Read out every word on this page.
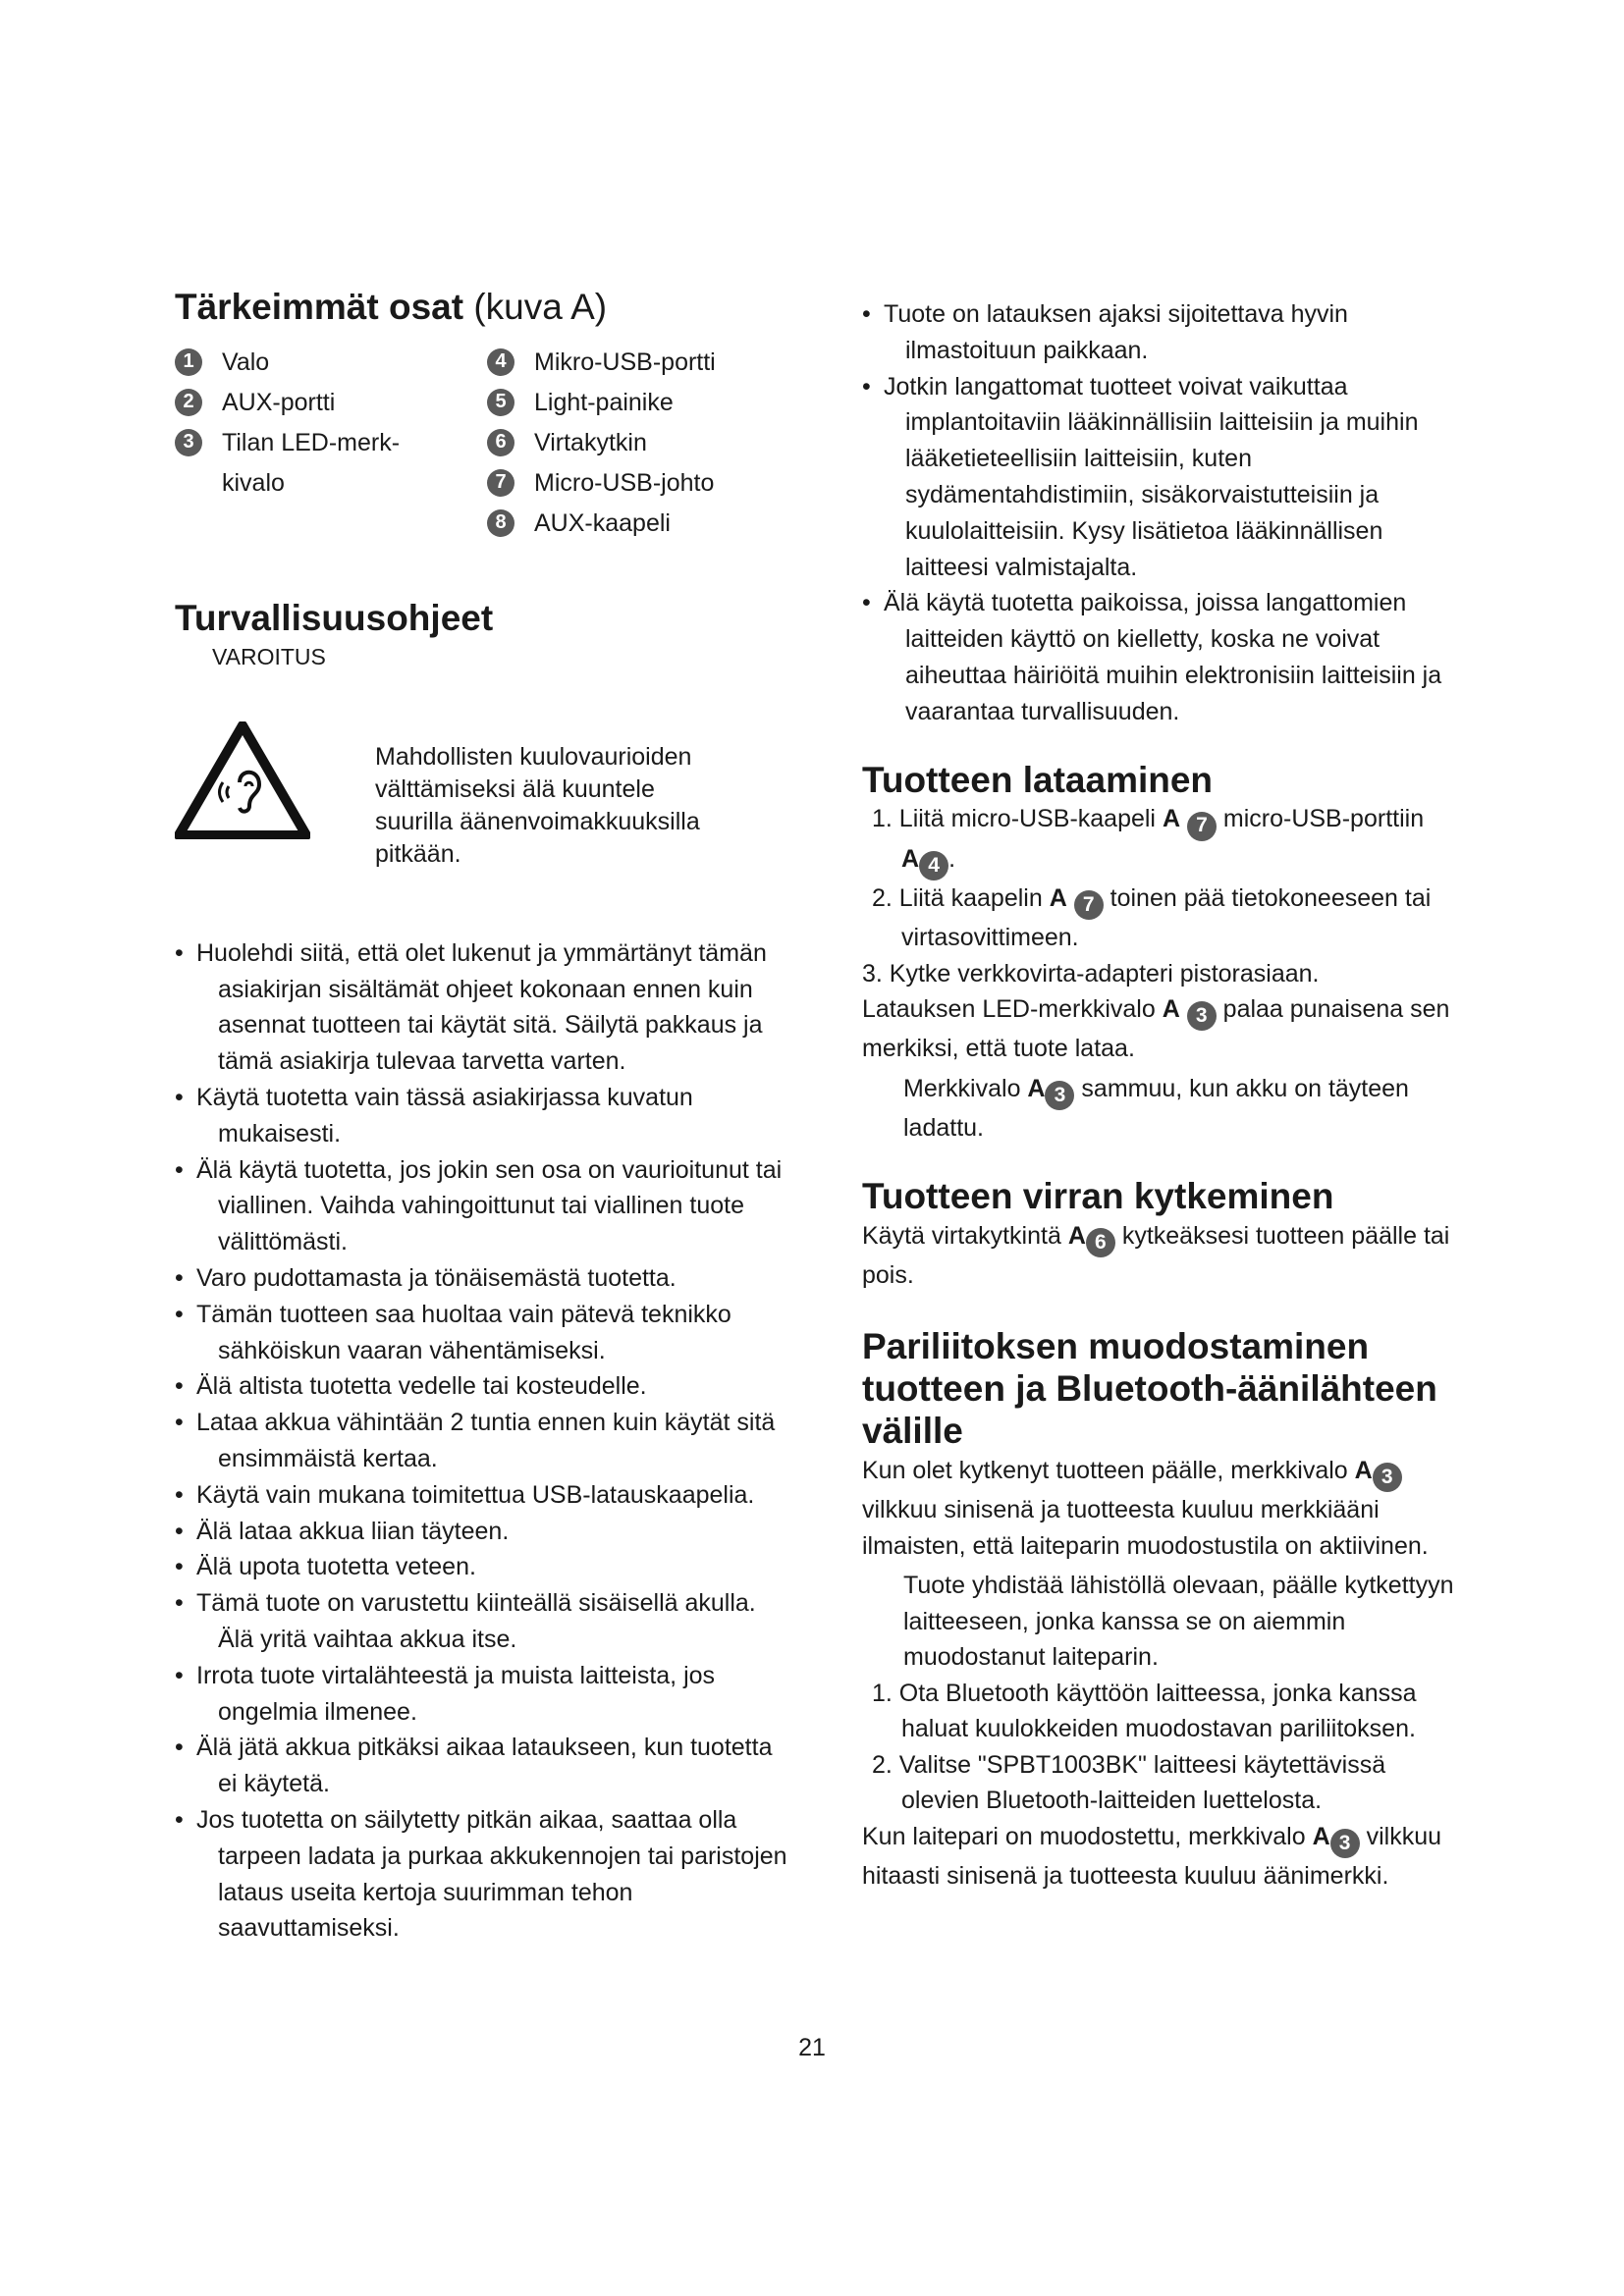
Tärkeimmät osat (kuva A)
1	Valo
2	AUX-portti
3	Tilan LED-merk-
kivalo
4	Mikro-USB-portti
5	Light-painike
6	Virtakytkin
7	Micro-USB-johto
8	AUX-kaapeli
Turvallisuusohjeet
VAROITUS
Mahdollisten kuulovaurioiden välttämiseksi älä kuuntele suurilla äänenvoimakkuuksilla pitkään.
• Huolehdi siitä, että olet lukenut ja ymmärtänyt tämän asiakirjan sisältämät ohjeet kokonaan ennen kuin asennat tuotteen tai käytät sitä. Säilytä pakkaus ja tämä asiakirja tulevaa tarvetta varten.
• Käytä tuotetta vain tässä asiakirjassa kuvatun mukaisesti.
• Älä käytä tuotetta, jos jokin sen osa on vaurioitunut tai viallinen. Vaihda vahingoittunut tai viallinen tuote välittömästi.
• Varo pudottamasta ja tönäisemästä tuotetta.
• Tämän tuotteen saa huoltaa vain pätevä teknikko sähköiskun vaaran vähentämiseksi.
• Älä altista tuotetta vedelle tai kosteudelle.
• Lataa akkua vähintään 2 tuntia ennen kuin käytät sitä ensimmäistä kertaa.
• Käytä vain mukana toimitettua USB-latauskaapelia.
• Älä lataa akkua liian täyteen.
• Älä upota tuotetta veteen.
• Tämä tuote on varustettu kiinteällä sisäisellä akulla. Älä yritä vaihtaa akkua itse.
• Irrota tuote virtalähteestä ja muista laitteista, jos ongelmia ilmenee.
• Älä jätä akkua pitkäksi aikaa lataukseen, kun tuotetta ei käytetä.
• Jos tuotetta on säilytetty pitkän aikaa, saattaa olla tarpeen ladata ja purkaa akkukennojen tai paristojen lataus useita kertoja suurimman tehon saavuttamiseksi.
• Tuote on latauksen ajaksi sijoitettava hyvin ilmastoituun paikkaan.
• Jotkin langattomat tuotteet voivat vaikuttaa implantoitaviin lääkinnällisiin laitteisiin ja muihin lääketieteellisiin laitteisiin, kuten sydämentahdistimiin, sisäkorvaistutteisiin ja kuulolaitteisiin. Kysy lisätietoa lääkinnällisen laitteesi valmistajalta.
• Älä käytä tuotetta paikoissa, joissa langattomien laitteiden käyttö on kielletty, koska ne voivat aiheuttaa häiriöitä muihin elektronisiin laitteisiin ja vaarantaa turvallisuuden.
Tuotteen lataaminen
1. Liitä micro-USB-kaapeli A 7 micro-USB-porttiin
A 4 .
2. Liitä kaapelin A 7 toinen pää tietokoneeseen tai virtasovittimeen.
3. Kytke verkkovirta-adapteri pistorasiaan.
Latauksen LED-merkkivalo A 3 palaa punaisena sen merkiksi, että tuote lataa.
Merkkivalo A 3 sammuu, kun akku on täyteen ladattu.
Tuotteen virran kytkeminen
Käytä virtakytkintä A 6 kytkeäksesi tuotteen päälle tai pois.
Pariliitoksen muodostaminen tuotteen ja Bluetooth-äänilähteen välille
Kun olet kytkenyt tuotteen päälle, merkkivalo A 3 vilkkuu sinisenä ja tuotteesta kuuluu merkkiääni ilmaisten, että laiteparin muodostustila on aktiivinen.
Tuote yhdistää lähistöllä olevaan, päälle kytkettyyn laitteeseen, jonka kanssa se on aiemmin muodostanut laiteparin.
1. Ota Bluetooth käyttöön laitteessa, jonka kanssa haluat kuulokkeiden muodostavan pariliitoksen.
2. Valitse "SPBT1003BK" laitteesi käytettävissä olevien Bluetooth-laitteiden luettelosta.
Kun laitepari on muodostettu, merkkivalo A 3 vilkkuu hitaasti sinisenä ja tuotteesta kuuluu äänimerkki.
21
